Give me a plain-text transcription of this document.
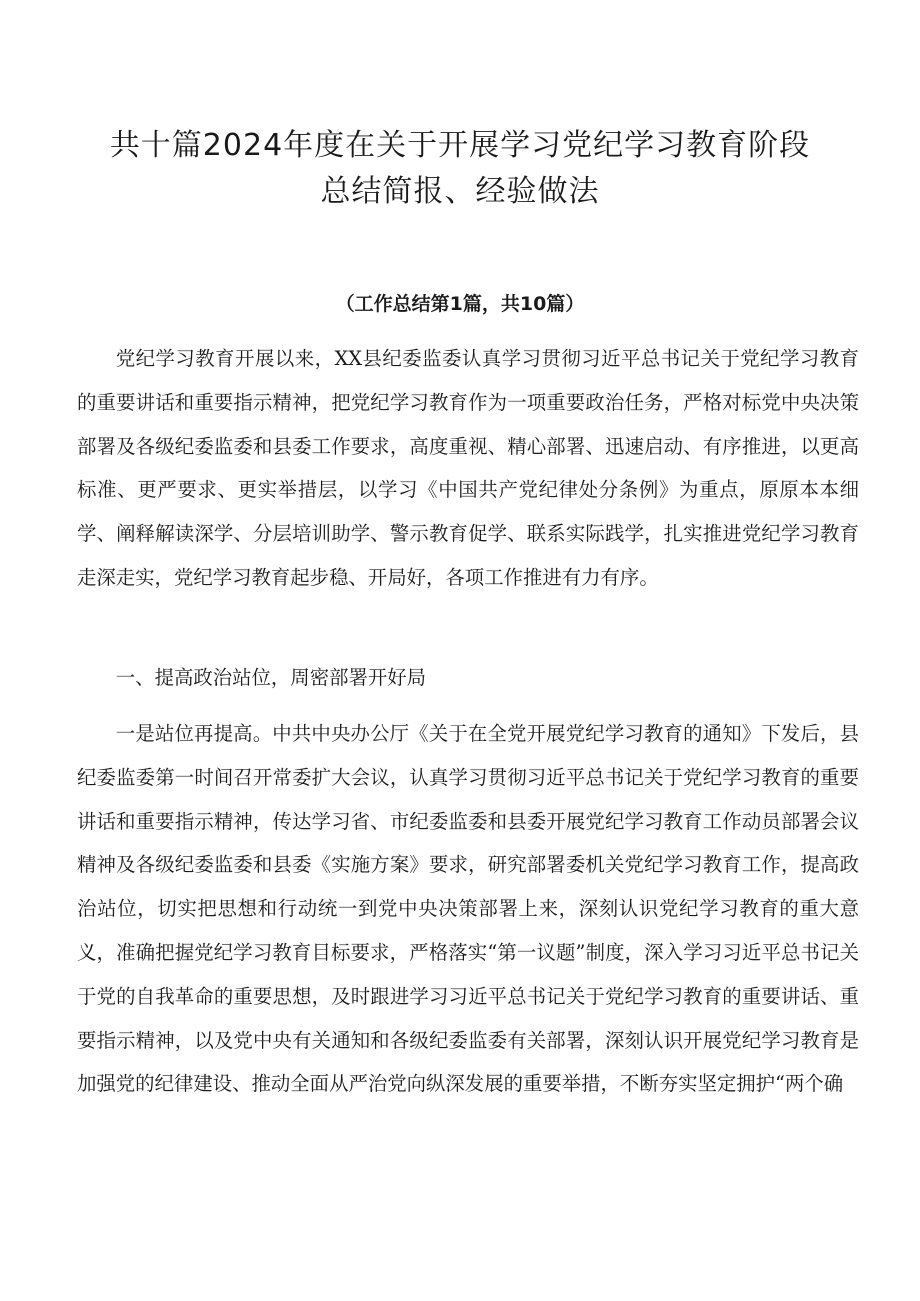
共十篇2024年度在关于开展学习党纪学习教育阶段
总结简报、经验做法

（工作总结第1篇，共10篇）

党纪学习教育开展以来，XX县纪委监委认真学习贯彻习近平总书记关于党纪学习教育的重要讲话和重要指示精神，把党纪学习教育作为一项重要政治任务，严格对标党中央决策部署及各级纪委监委和县委工作要求，高度重视、精心部署、迅速启动、有序推进，以更高标准、更严要求、更实举措层，以学习《中国共产党纪律处分条例》为重点，原原本本细学、阐释解读深学、分层培训助学、警示教育促学、联系实际践学，扎实推进党纪学习教育走深走实，党纪学习教育起步稳、开局好，各项工作推进有力有序。

一、提高政治站位，周密部署开好局

一是站位再提高。中共中央办公厅《关于在全党开展党纪学习教育的通知》下发后，县纪委监委第一时间召开常委扩大会议，认真学习贯彻习近平总书记关于党纪学习教育的重要讲话和重要指示精神，传达学习省、市纪委监委和县委开展党纪学习教育工作动员部署会议精神及各级纪委监委和县委《实施方案》要求，研究部署委机关党纪学习教育工作，提高政治站位，切实把思想和行动统一到党中央决策部署上来，深刻认识党纪学习教育的重大意义，准确把握党纪学习教育目标要求，严格落实“第一议题”制度，深入学习习近平总书记关于党的自我革命的重要思想，及时跟进学习习近平总书记关于党纪学习教育的重要讲话、重要指示精神，以及党中央有关通知和各级纪委监委有关部署，深刻认识开展党纪学习教育是加强党的纪律建设、推动全面从严治党向纵深发展的重要举措，不断夯实坚定拥护“两个确
